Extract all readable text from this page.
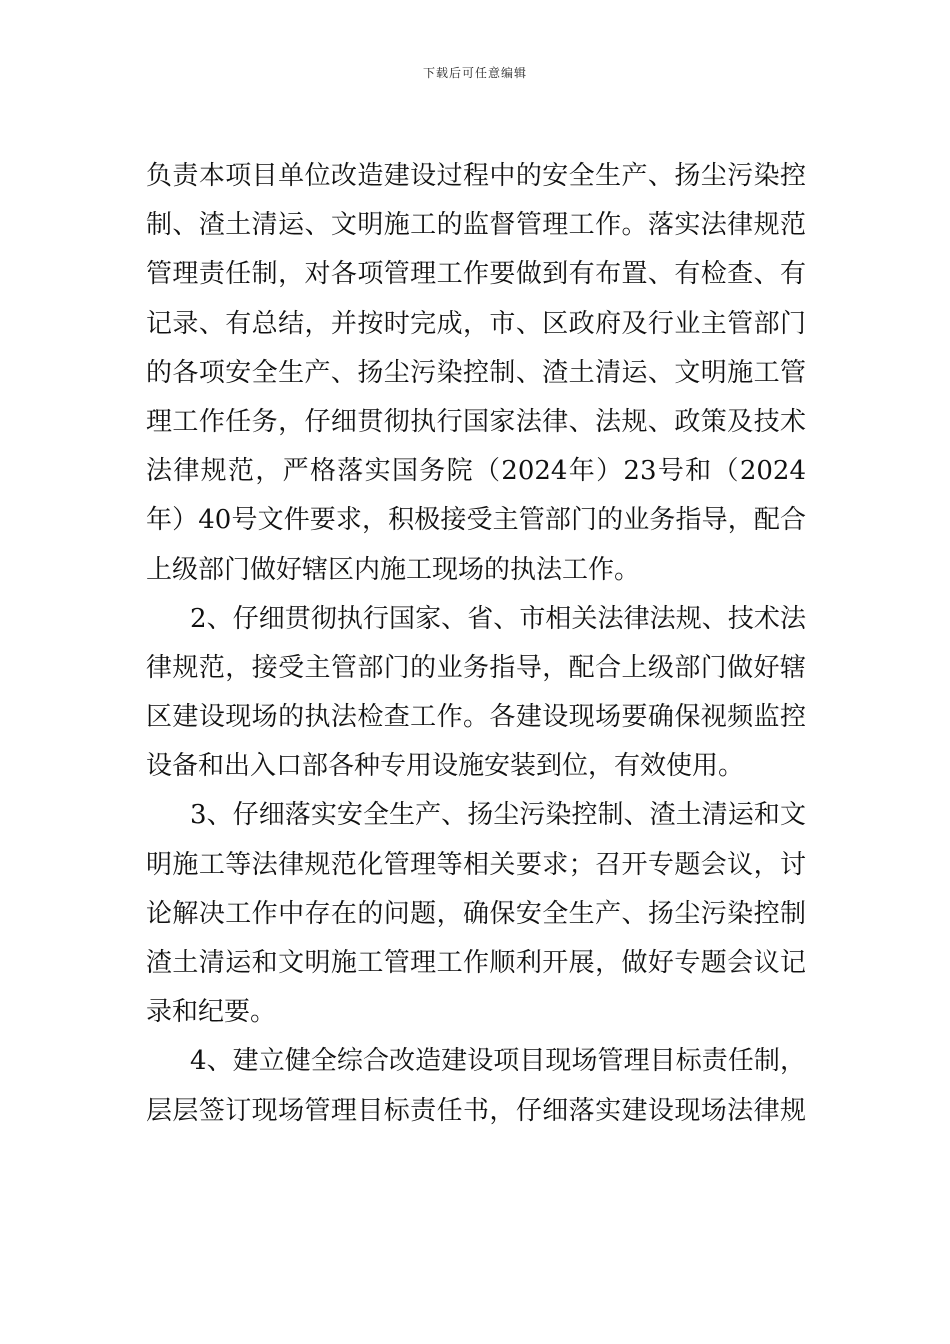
下载后可任意编辑
负责本项目单位改造建设过程中的安全生产、扬尘污染控
制、渣土清运、文明施工的监督管理工作。落实法律规范
管理责任制，对各项管理工作要做到有布置、有检查、有
记录、有总结，并按时完成，市、区政府及行业主管部门
的各项安全生产、扬尘污染控制、渣土清运、文明施工管
理工作任务，仔细贯彻执行国家法律、法规、政策及技术
法律规范，严格落实国务院（2024年）23号和（2024
年）40号文件要求，积极接受主管部门的业务指导，配合
上级部门做好辖区内施工现场的执法工作。
2、仔细贯彻执行国家、省、市相关法律法规、技术法
律规范，接受主管部门的业务指导，配合上级部门做好辖
区建设现场的执法检查工作。各建设现场要确保视频监控
设备和出入口部各种专用设施安装到位，有效使用。
3、仔细落实安全生产、扬尘污染控制、渣土清运和文
明施工等法律规范化管理等相关要求；召开专题会议，讨
论解决工作中存在的问题，确保安全生产、扬尘污染控制
渣土清运和文明施工管理工作顺利开展，做好专题会议记
录和纪要。
4、建立健全综合改造建设项目现场管理目标责任制，
层层签订现场管理目标责任书，仔细落实建设现场法律规
